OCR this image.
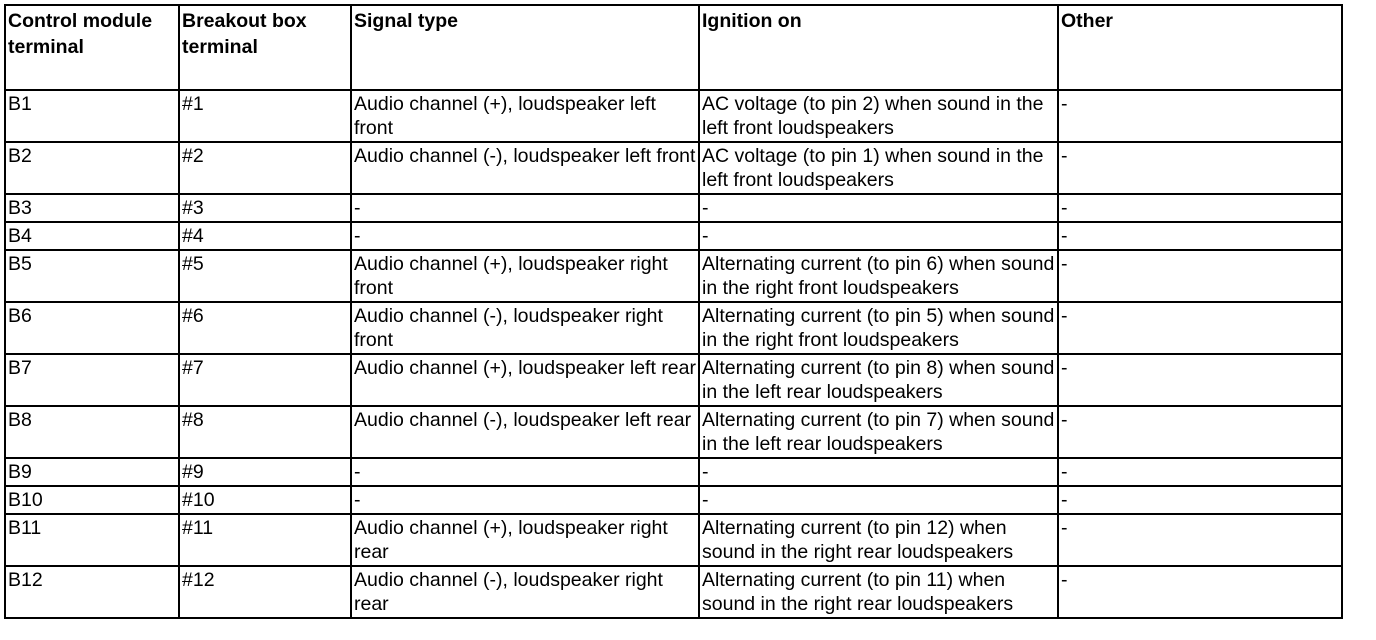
Control module terminal	Breakout box terminal	Signal type	Ignition on	Other
B1	#1	Audio channel (+), loudspeaker left front	AC voltage (to pin 2) when sound in the left front loudspeakers	-
B2	#2	Audio channel (-), loudspeaker left front	AC voltage (to pin 1) when sound in the left front loudspeakers	-
B3	#3	-	-	-
B4	#4	-	-	-
B5	#5	Audio channel (+), loudspeaker right front	Alternating current (to pin 6) when sound in the right front loudspeakers	-
B6	#6	Audio channel (-), loudspeaker right front	Alternating current (to pin 5) when sound in the right front loudspeakers	-
B7	#7	Audio channel (+), loudspeaker left rear	Alternating current (to pin 8) when sound in the left rear loudspeakers	-
B8	#8	Audio channel (-), loudspeaker left rear	Alternating current (to pin 7) when sound in the left rear loudspeakers	-
B9	#9	-	-	-
B10	#10	-	-	-
B11	#11	Audio channel (+), loudspeaker right rear	Alternating current (to pin 12) when sound in the right rear loudspeakers	-
B12	#12	Audio channel (-), loudspeaker right rear	Alternating current (to pin 11) when sound in the right rear loudspeakers	-
